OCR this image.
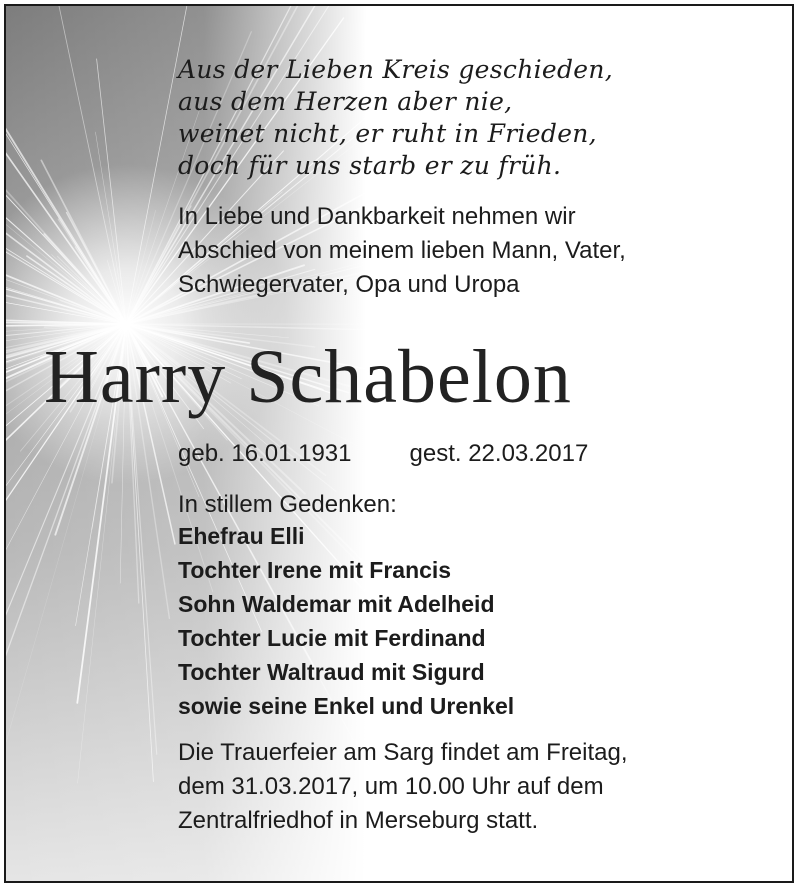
Aus der Lieben Kreis geschieden,
aus dem Herzen aber nie,
weinet nicht, er ruht in Frieden,
doch für uns starb er zu früh.
In Liebe und Dankbarkeit nehmen wir
Abschied von meinem lieben Mann, Vater,
Schwiegervater, Opa und Uropa
Harry Schabelon
geb. 16.01.1931 gest. 22.03.2017
In stillem Gedenken:
Ehefrau Elli
Tochter Irene mit Francis
Sohn Waldemar mit Adelheid
Tochter Lucie mit Ferdinand
Tochter Waltraud mit Sigurd
sowie seine Enkel und Urenkel
Die Trauerfeier am Sarg findet am Freitag,
dem 31.03.2017, um 10.00 Uhr auf dem
Zentralfriedhof in Merseburg statt.
